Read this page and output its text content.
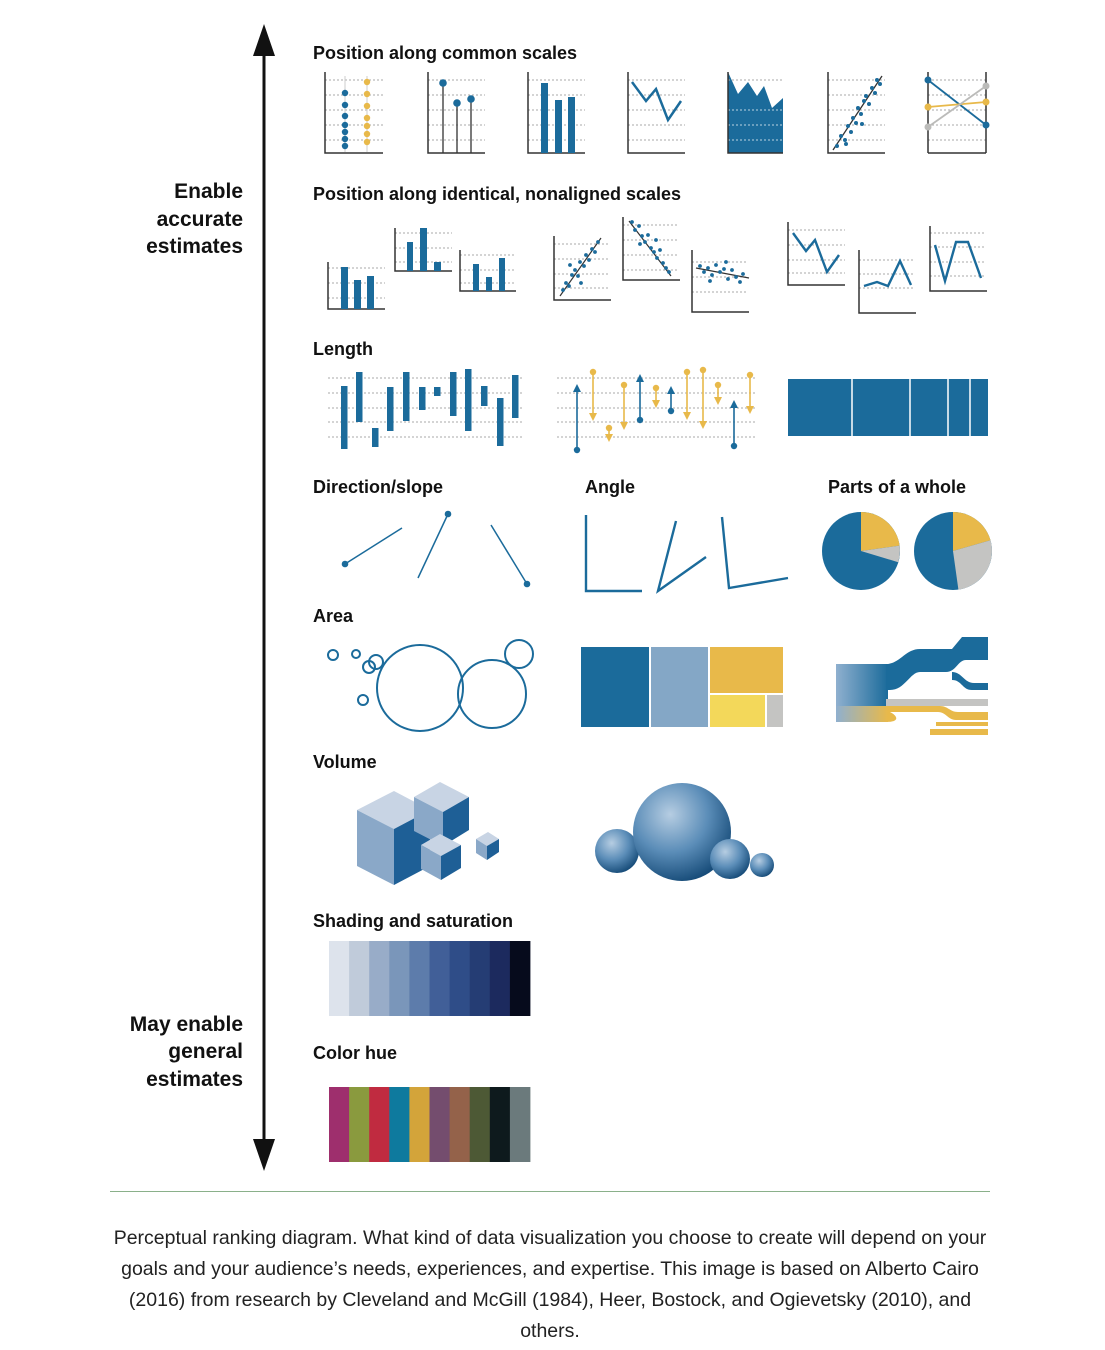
Enable
accurate
estimates
May enable
general
estimates
Position along common scales
Position along identical, nonaligned scales
Length
Direction/slope	Angle	Parts of a whole
Area
Volume
Shading and saturation
Color hue

Perceptual ranking diagram. What kind of data visualization you choose to create will depend on your goals and your audience’s needs, experiences, and expertise. This image is based on Alberto Cairo (2016) from research by Cleveland and McGill (1984), Heer, Bostock, and Ogievetsky (2010), and others.
